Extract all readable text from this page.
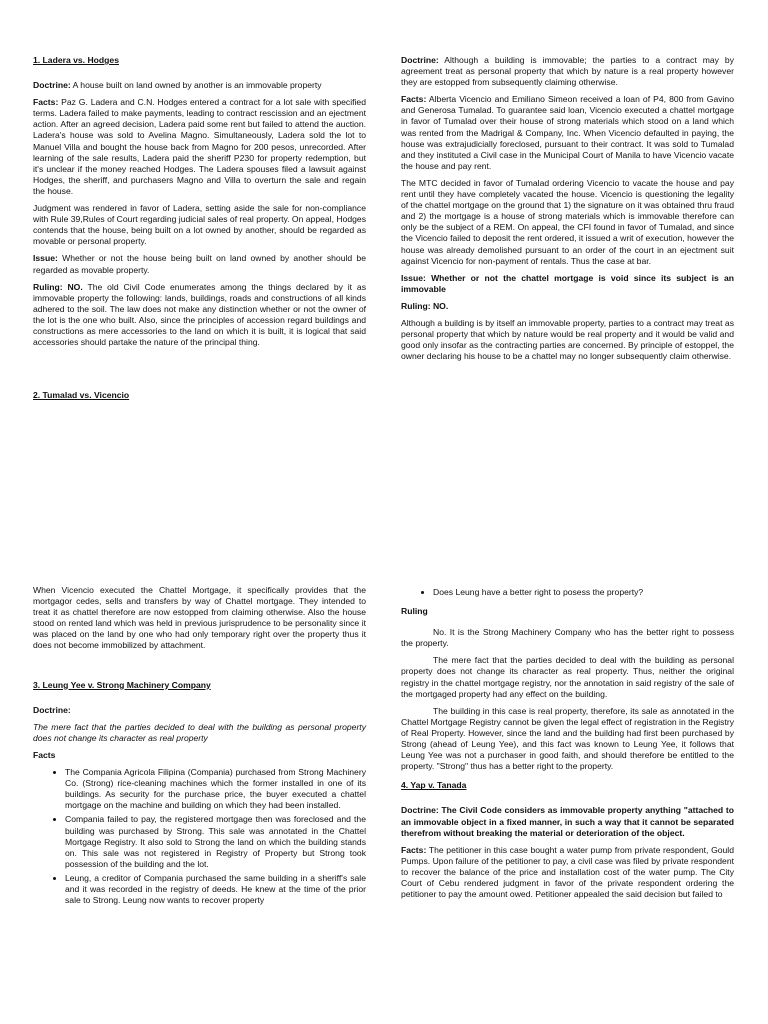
1. Ladera vs. Hodges

Doctrine: A house built on land owned by another is an immovable property

Facts: Paz G. Ladera and C.N. Hodges entered a contract for a lot sale with specified terms. Ladera failed to make payments, leading to contract rescission and an ejectment action. After an agreed decision, Ladera paid some rent but failed to attend the auction. Ladera's house was sold to Avelina Magno. Simultaneously, Ladera sold the lot to Manuel Villa and bought the house back from Magno for 200 pesos, unrecorded. After learning of the sale results, Ladera paid the sheriff P230 for property redemption, but it's unclear if the money reached Hodges. The Ladera spouses filed a lawsuit against Hodges, the sheriff, and purchasers Magno and Villa to overturn the sale and regain the house.

Judgment was rendered in favor of Ladera, setting aside the sale for non-compliance with Rule 39,Rules of Court regarding judicial sales of real property. On appeal, Hodges contends that the house, being built on a lot owned by another, should be regarded as movable or personal property.

Issue: Whether or not the house being built on land owned by another should be regarded as movable property.

Ruling: NO. The old Civil Code enumerates among the things declared by it as immovable property the following: lands, buildings, roads and constructions of all kinds adhered to the soil. The law does not make any distinction whether or not the owner of the lot is the one who built. Also, since the principles of accession regard buildings and constructions as mere accessories to the land on which it is built, it is logical that said accessories should partake the nature of the principal thing.

2. Tumalad vs. Vicencio

Doctrine: Although a building is immovable; the parties to a contract may by agreement treat as personal property that which by nature is a real property however they are estopped from subsequently claiming otherwise.

Facts: Alberta Vicencio and Emiliano Simeon received a loan of P4, 800 from Gavino and Generosa Tumalad. To guarantee said loan, Vicencio executed a chattel mortgage in favor of Tumalad over their house of strong materials which stood on a land which was rented from the Madrigal & Company, Inc. When Vicencio defaulted in paying, the house was extrajudicially foreclosed, pursuant to their contract. It was sold to Tumalad and they instituted a Civil case in the Municipal Court of Manila to have Vicencio vacate the house and pay rent.

The MTC decided in favor of Tumalad ordering Vicencio to vacate the house and pay rent until they have completely vacated the house. Vicencio is questioning the legality of the chattel mortgage on the ground that 1) the signature on it was obtained thru fraud and 2) the mortgage is a house of strong materials which is immovable therefore can only be the subject of a REM. On appeal, the CFI found in favor of Tumalad, and since the Vicencio failed to deposit the rent ordered, it issued a writ of execution, however the house was already demolished pursuant to an order of the court in an ejectment suit against Vicencio for non-payment of rentals. Thus the case at bar.

Issue: Whether or not the chattel mortgage is void since its subject is an immovable

Ruling: NO.

Although a building is by itself an immovable property, parties to a contract may treat as personal property that which by nature would be real property and it would be valid and good only insofar as the contracting parties are concerned. By principle of estoppel, the owner declaring his house to be a chattel may no longer subsequently claim otherwise.

When Vicencio executed the Chattel Mortgage, it specifically provides that the mortgagor cedes, sells and transfers by way of Chattel mortgage. They intended to treat it as chattel therefore are now estopped from claiming otherwise. Also the house stood on rented land which was held in previous jurisprudence to be personality since it was placed on the land by one who had only temporary right over the property thus it does not become immobilized by attachment.

3. Leung Yee v. Strong Machinery Company

Doctrine:

The mere fact that the parties decided to deal with the building as personal property does not change its character as real property

Facts

• The Compania Agricola Filipina (Compania) purchased from Strong Machinery Co. (Strong) rice-cleaning machines which the former installed in one of its buildings. As security for the purchase price, the buyer executed a chattel mortgage on the machine and building on which they had been installed.
• Compania failed to pay, the registered mortgage then was foreclosed and the building was purchased by Strong. This sale was annotated in the Chattel Mortgage Registry. It also sold to Strong the land on which the building stands on. This sale was not registered in Registry of Property but Strong took possession of the building and the lot.
• Leung, a creditor of Compania purchased the same building in a sheriff's sale and it was recorded in the registry of deeds. He knew at the time of the prior sale to Strong. Leung now wants to recover property
• Does Leung have a better right to posess the property?

Ruling

No. It is the Strong Machinery Company who has the better right to possess the property.

The mere fact that the parties decided to deal with the building as personal property does not change its character as real property. Thus, neither the original registry in the chattel mortgage registry, nor the annotation in said registry of the sale of the mortgaged property had any effect on the building.

The building in this case is real property, therefore, its sale as annotated in the Chattel Mortgage Registry cannot be given the legal effect of registration in the Registry of Real Property. However, since the land and the building had first been purchased by Strong (ahead of Leung Yee), and this fact was known to Leung Yee, it follows that Leung Yee was not a purchaser in good faith, and should therefore be entitled to the property. "Strong" thus has a better right to the property.

4. Yap v. Tanada

Doctrine: The Civil Code considers as immovable property anything "attached to an immovable object in a fixed manner, in such a way that it cannot be separated therefrom without breaking the material or deterioration of the object.

Facts: The petitioner in this case bought a water pump from private respondent, Gould Pumps. Upon failure of the petitioner to pay, a civil case was filed by private respondent to recover the balance of the price and installation cost of the water pump. The City Court of Cebu rendered judgment in favor of the private respondent ordering the petitioner to pay the amount owed. Petitioner appealed the said decision but failed to
